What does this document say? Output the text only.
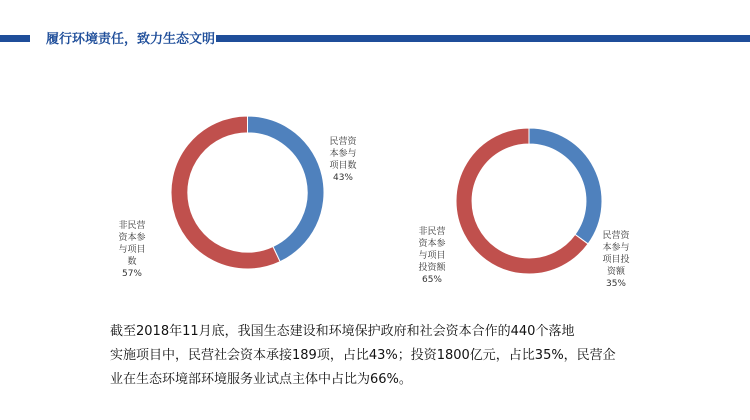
履行环境责任，致力生态文明

民营资
本参与
项目数

43%

非民营
资本参
与项目
数

57%

民营资
本参与
项目投
资额

35%

非民营
资本参
与项目
投资额

65%

截至2018年11月底，我国生态建设和环境保护政府和社会资本合作的440个落地
实施项目中，民营社会资本承接189项，占比43%；投资1800亿元，占比35%，民营企
业在生态环境部环境服务业试点主体中占比为66%。
